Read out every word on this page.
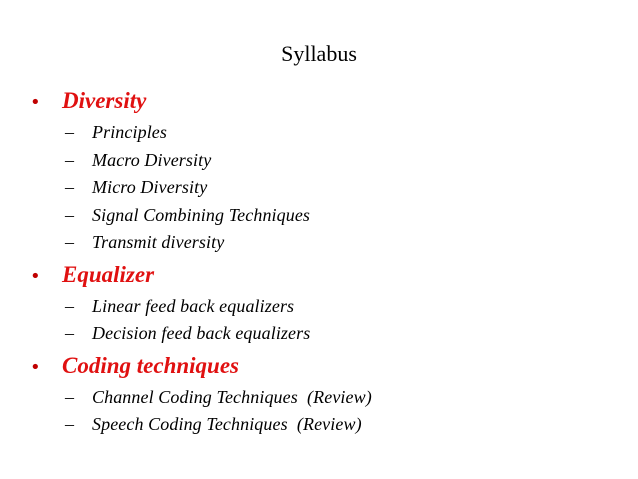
Syllabus
• Diversity
–	Principles
–	Macro Diversity
–	Micro Diversity
–	Signal Combining Techniques
–	Transmit diversity
• Equalizer
–	Linear feed back equalizers
–	Decision feed back equalizers
• Coding techniques
–	Channel Coding Techniques  (Review)
–	Speech Coding Techniques  (Review)
